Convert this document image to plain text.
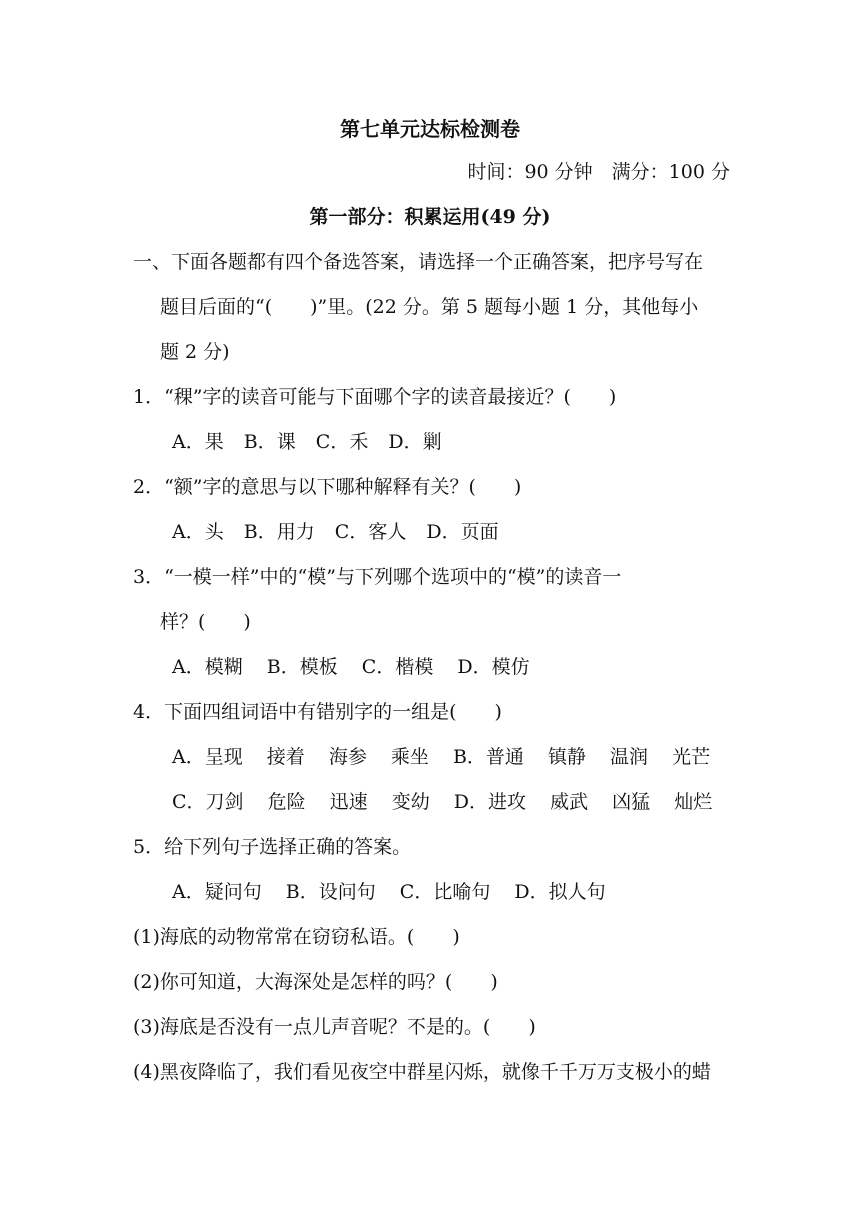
第七单元达标检测卷
时间：90 分钟　满分：100 分
第一部分：积累运用(49 分)
一、下面各题都有四个备选答案，请选择一个正确答案，把序号写在
题目后面的“(　　)”里。(22 分。第 5 题每小题 1 分，其他每小
题 2 分)
1．“稞”字的读音可能与下面哪个字的读音最接近？(　　)
A．果 B．课 C．禾 D．剿
2．“额”字的意思与以下哪种解释有关？(　　)
A．头 B．用力 C．客人 D．页面
3．“一模一样”中的“模”与下列哪个选项中的“模”的读音一
样？(　　)
A．模糊 B．模板 C．楷模 D．模仿
4．下面四组词语中有错别字的一组是(　　)
A．呈现 接着 海参 乘坐 B．普通 镇静 温润 光芒
C．刀剑 危险 迅速 变幼 D．进攻 威武 凶猛 灿烂
5．给下列句子选择正确的答案。
A．疑问句 B．设问句 C．比喻句 D．拟人句
(1)海底的动物常常在窃窃私语。(　　)
(2)你可知道，大海深处是怎样的吗？(　　)
(3)海底是否没有一点儿声音呢？不是的。(　　)
(4)黑夜降临了，我们看见夜空中群星闪烁，就像千千万万支极小的蜡
